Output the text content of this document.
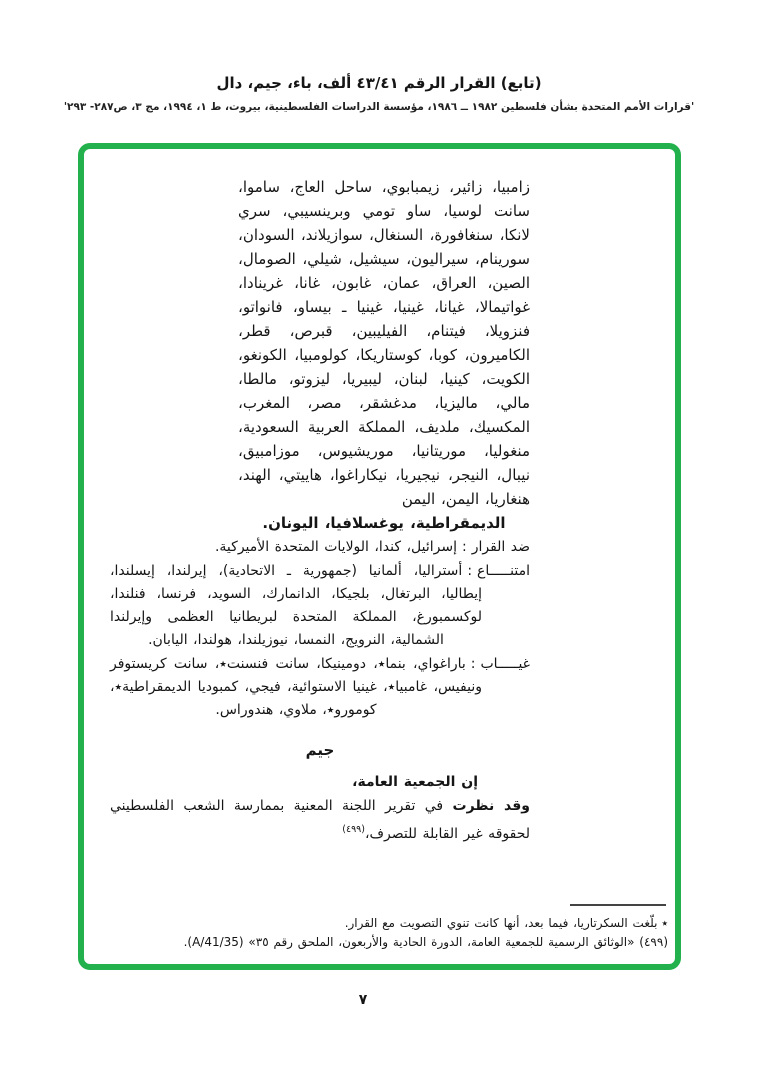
(تابع) القرار الرقم ٤٣/٤١ ألف، باء، جيم، دال
'قرارات الأمم المتحدة بشأن فلسطين ١٩٨٢ ــ ١٩٨٦، مؤسسة الدراسات الفلسطينية، بيروت، ط ١، ١٩٩٤، مج ٣، ص٢٨٧- ٢٩٣'

زامبيا، زائير، زيمبابوي، ساحل العاج، ساموا، سانت لوسيا، ساو تومي وبرينسيبي، سري لانكا، سنغافورة، السنغال، سوازيلاند، السودان، سورينام، سيراليون، سيشيل، شيلي، الصومال، الصين، العراق، عمان، غابون، غانا، غرينادا، غواتيمالا، غيانا، غينيا، غينيا ـ بيساو، فانواتو، فنزويلا، فيتنام، الفيليبين، قبرص، قطر، الكاميرون، كوبا، كوستاريكا، كولومبيا، الكونغو، الكويت، كينيا، لبنان، ليبيريا، ليزوتو، مالطا، مالي، ماليزيا، مدغشقر، مصر، المغرب، المكسيك، ملديف، المملكة العربية السعودية، منغوليا، موريتانيا، موريشيوس، موزامبيق، نيبال، النيجر، نيجيريا، نيكاراغوا، هاييتي، الهند، هنغاريا، اليمن، اليمن

الديمقراطية، يوغسلافيا، اليونان.

ضد القرار:إسرائيل، كندا، الولايات المتحدة الأميركية.

امتنـــــاع:أستراليا، ألمانيا (جمهورية ـ الاتحادية)، إيرلندا، إيسلندا، إيطاليا، البرتغال، بلجيكا، الدانمارك، السويد، فرنسا، فنلندا، لوكسمبورغ، المملكة المتحدة لبريطانيا العظمى وإيرلندا الشمالية، النرويج، النمسا، نيوزيلندا، هولندا، اليابان.

غيـــــاب:باراغواي، بنما٭، دومينيكا، سانت فنسنت٭، سانت كريستوفر ونيفيس، غامبيا٭، غينيا الاستوائية، فيجي، كمبوديا الديمقراطية٭، كومورو٭، ملاوي، هندوراس.

جيم

إن الجمعية العامة،

وقد نظرت في تقرير اللجنة المعنية بممارسة الشعب الفلسطيني لحقوقه غير القابلة للتصرف،$^{(٤٩٩)}$

٭بلّغت السكرتاريا، فيما بعد، أنها كانت تنوي التصويت مع القرار.

(٤٩٩) «الوثائق الرسمية للجمعية العامة، الدورة الحادية والأربعون، الملحق رقم ٣٥» (A/41/35).

٧
